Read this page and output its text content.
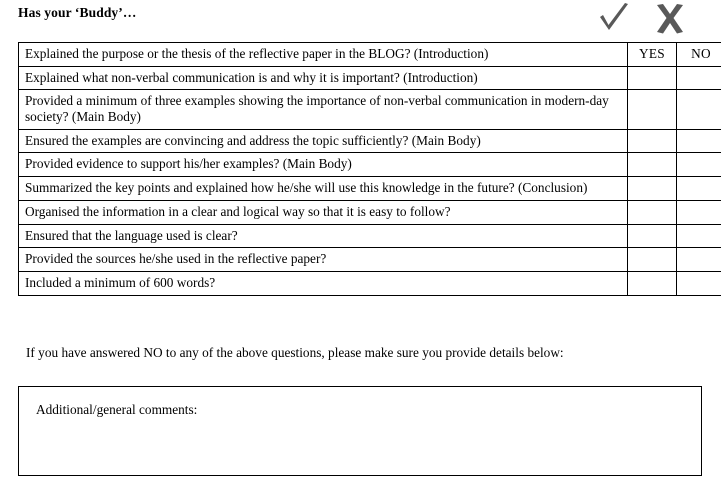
Has your ‘Buddy’…
Explained the purpose or the thesis of the reflective paper in the BLOG? (Introduction)	YES	NO
Explained what non-verbal communication is and why it is important? (Introduction)		
Provided a minimum of three examples showing the importance of non-verbal communication in modern-day society? (Main Body)		
Ensured the examples are convincing and address the topic sufficiently? (Main Body)		
Provided evidence to support his/her examples? (Main Body)		
Summarized the key points and explained how he/she will use this knowledge in the future? (Conclusion)		
Organised the information in a clear and logical way so that it is easy to follow?		
Ensured that the language used is clear?		
Provided the sources he/she used in the reflective paper?		
Included a minimum of 600 words?		
If you have answered NO to any of the above questions, please make sure you provide details below:
Additional/general comments:
